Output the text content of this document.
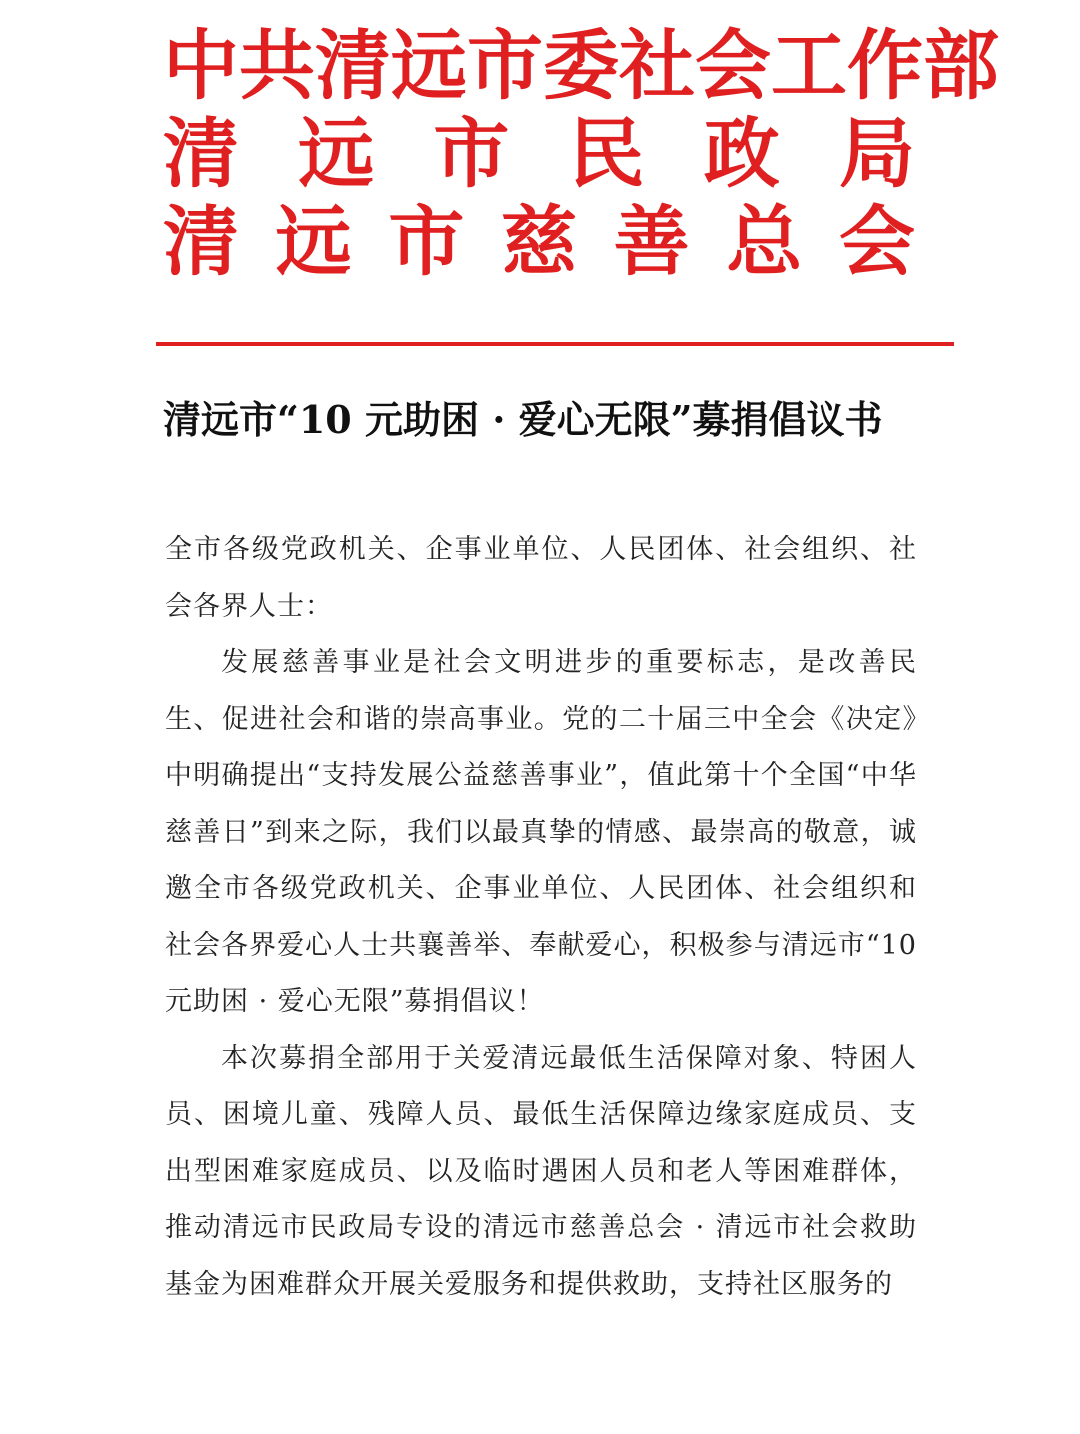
中 共 清 远 市 委 社 会 工 作 部
清 远 市 民 政 局
清 远 市 慈 善 总 会
清远市“10 元助困 · 爱心无限”募捐倡议书

全市各级党政机关、企事业单位、人民团体、社会组织、社会各界人士：

发展慈善事业是社会文明进步的重要标志，是改善民生、促进社会和谐的崇高事业。党的二十届三中全会《决定》中明确提出“支持发展公益慈善事业”，值此第十个全国“中华慈善日”到来之际，我们以最真挚的情感、最崇高的敬意，诚邀全市各级党政机关、企事业单位、人民团体、社会组织和社会各界爱心人士共襄善举、奉献爱心，积极参与清远市“10 元助困 · 爱心无限”募捐倡议！

本次募捐全部用于关爱清远最低生活保障对象、特困人员、困境儿童、残障人员、最低生活保障边缘家庭成员、支出型困难家庭成员、以及临时遇困人员和老人等困难群体，推动清远市民政局专设的清远市慈善总会 · 清远市社会救助基金为困难群众开展关爱服务和提供救助，支持社区服务的
